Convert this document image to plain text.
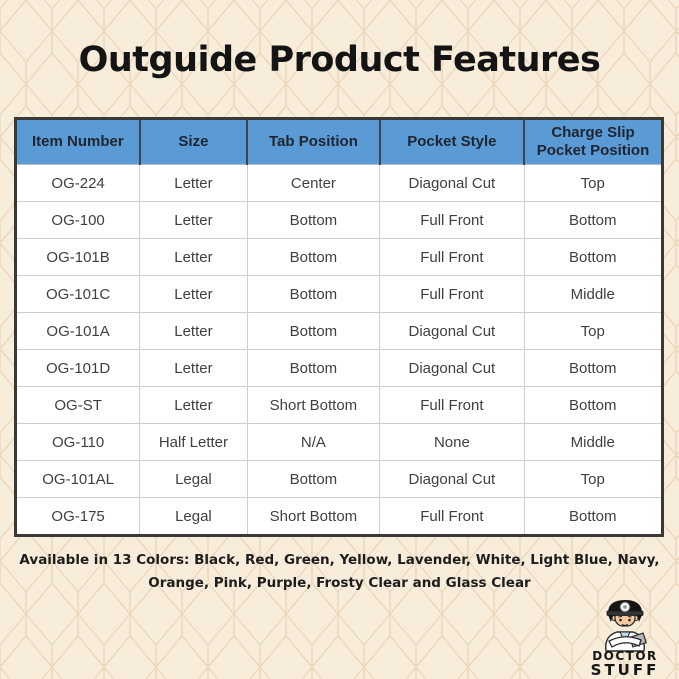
Outguide Product Features
Item Number	Size	Tab Position	Pocket Style	Charge Slip Pocket Position
OG-224	Letter	Center	Diagonal Cut	Top
OG-100	Letter	Bottom	Full Front	Bottom
OG-101B	Letter	Bottom	Full Front	Bottom
OG-101C	Letter	Bottom	Full Front	Middle
OG-101A	Letter	Bottom	Diagonal Cut	Top
OG-101D	Letter	Bottom	Diagonal Cut	Bottom
OG-ST	Letter	Short Bottom	Full Front	Bottom
OG-110	Half Letter	N/A	None	Middle
OG-101AL	Legal	Bottom	Diagonal Cut	Top
OG-175	Legal	Short Bottom	Full Front	Bottom
Available in 13 Colors: Black, Red, Green, Yellow, Lavender, White, Light Blue, Navy,
Orange, Pink, Purple, Frosty Clear and Glass Clear
DOCTOR
STUFF
